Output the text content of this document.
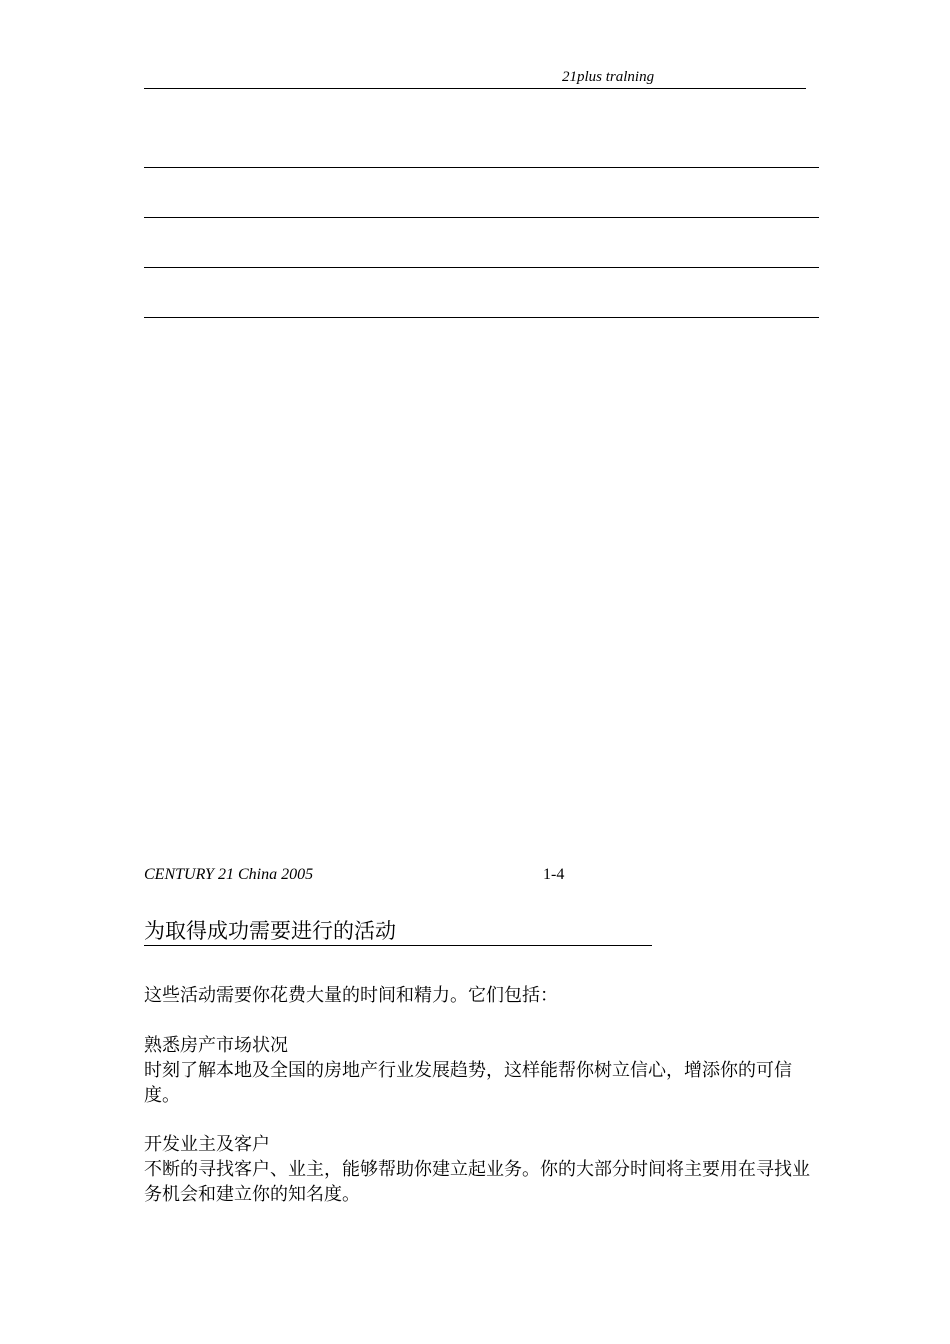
21plus tralning
CENTURY 21 China 2005	1-4
为取得成功需要进行的活动
这些活动需要你花费大量的时间和精力。它们包括：
熟悉房产市场状况
时刻了解本地及全国的房地产行业发展趋势，这样能帮你树立信心，增添你的可信度。
开发业主及客户
不断的寻找客户、业主，能够帮助你建立起业务。你的大部分时间将主要用在寻找业务机会和建立你的知名度。
